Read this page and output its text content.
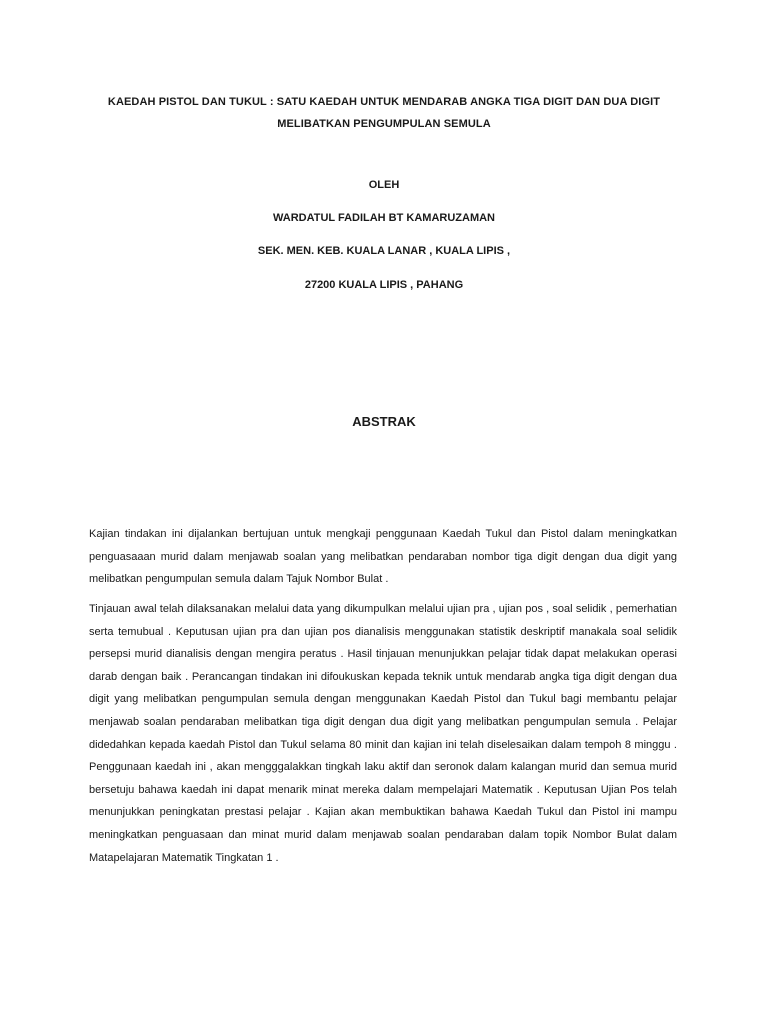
KAEDAH PISTOL DAN TUKUL : SATU KAEDAH UNTUK MENDARAB ANGKA TIGA DIGIT DAN DUA DIGIT MELIBATKAN PENGUMPULAN SEMULA
OLEH
WARDATUL FADILAH BT KAMARUZAMAN
SEK. MEN. KEB. KUALA LANAR , KUALA LIPIS ,
27200 KUALA LIPIS , PAHANG
ABSTRAK

Kajian tindakan ini dijalankan bertujuan untuk mengkaji penggunaan Kaedah Tukul dan Pistol dalam meningkatkan penguasaaan murid dalam menjawab soalan yang melibatkan pendaraban nombor tiga digit dengan dua digit yang melibatkan pengumpulan semula dalam Tajuk Nombor Bulat .

Tinjauan awal telah dilaksanakan melalui data yang dikumpulkan melalui ujian pra , ujian pos , soal selidik , pemerhatian serta temubual . Keputusan ujian pra dan ujian pos dianalisis menggunakan statistik deskriptif manakala soal selidik persepsi murid dianalisis dengan mengira peratus . Hasil tinjauan menunjukkan pelajar tidak dapat melakukan operasi darab dengan baik . Perancangan tindakan ini difoukuskan kepada teknik untuk mendarab angka tiga digit dengan dua digit yang melibatkan pengumpulan semula dengan menggunakan Kaedah Pistol dan Tukul bagi membantu pelajar menjawab soalan pendaraban melibatkan tiga digit dengan dua digit yang melibatkan pengumpulan semula . Pelajar didedahkan kepada kaedah Pistol dan Tukul selama 80 minit dan kajian ini telah diselesaikan dalam tempoh 8 minggu . Penggunaan kaedah ini , akan mengggalakkan tingkah laku aktif dan seronok dalam kalangan murid dan semua murid bersetuju bahawa kaedah ini dapat menarik minat mereka dalam mempelajari Matematik . Keputusan Ujian Pos telah menunjukkan peningkatan prestasi pelajar . Kajian akan membuktikan bahawa Kaedah Tukul dan Pistol ini mampu meningkatkan penguasaan dan minat murid dalam menjawab soalan pendaraban dalam topik Nombor Bulat dalam Matapelajaran Matematik Tingkatan 1 .
